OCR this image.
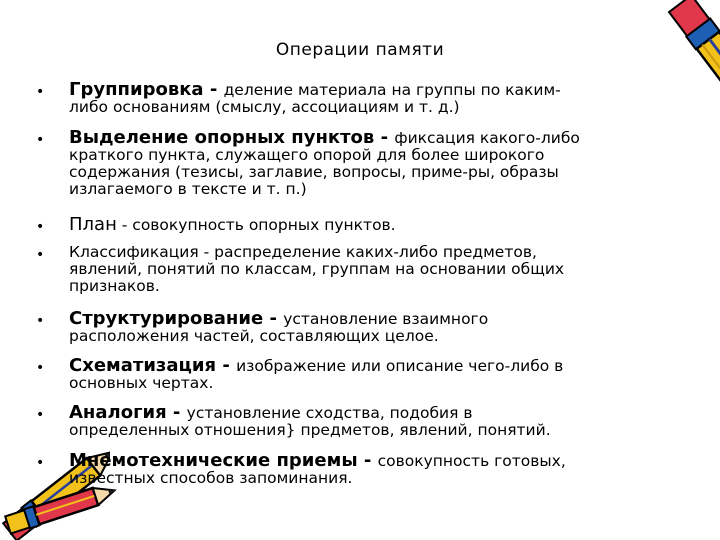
Операции памяти
• Группировка - деление материала на группы по каким-
либо основаниям (смыслу, ассоциациям и т. д.)
• Выделение опорных пунктов - фиксация какого-либо
краткого пункта, служащего опорой для более широкого
содержания (тезисы, заглавие, вопросы, приме-ры, образы
излагаемого в тексте и т. п.)
• План - совокупность опорных пунктов.
• Классификация - распределение каких-либо предметов,
явлений, понятий по классам, группам на основании общих
признаков.
• Структурирование - установление взаимного
расположения частей, составляющих целое.
• Схематизация - изображение или описание чего-либо в
основных чертах.
• Аналогия - установление сходства, подобия в
определенных отношения} предметов, явлений, понятий.
• Мнемотехнические приемы - совокупность готовых,
известных способов запоминания.
